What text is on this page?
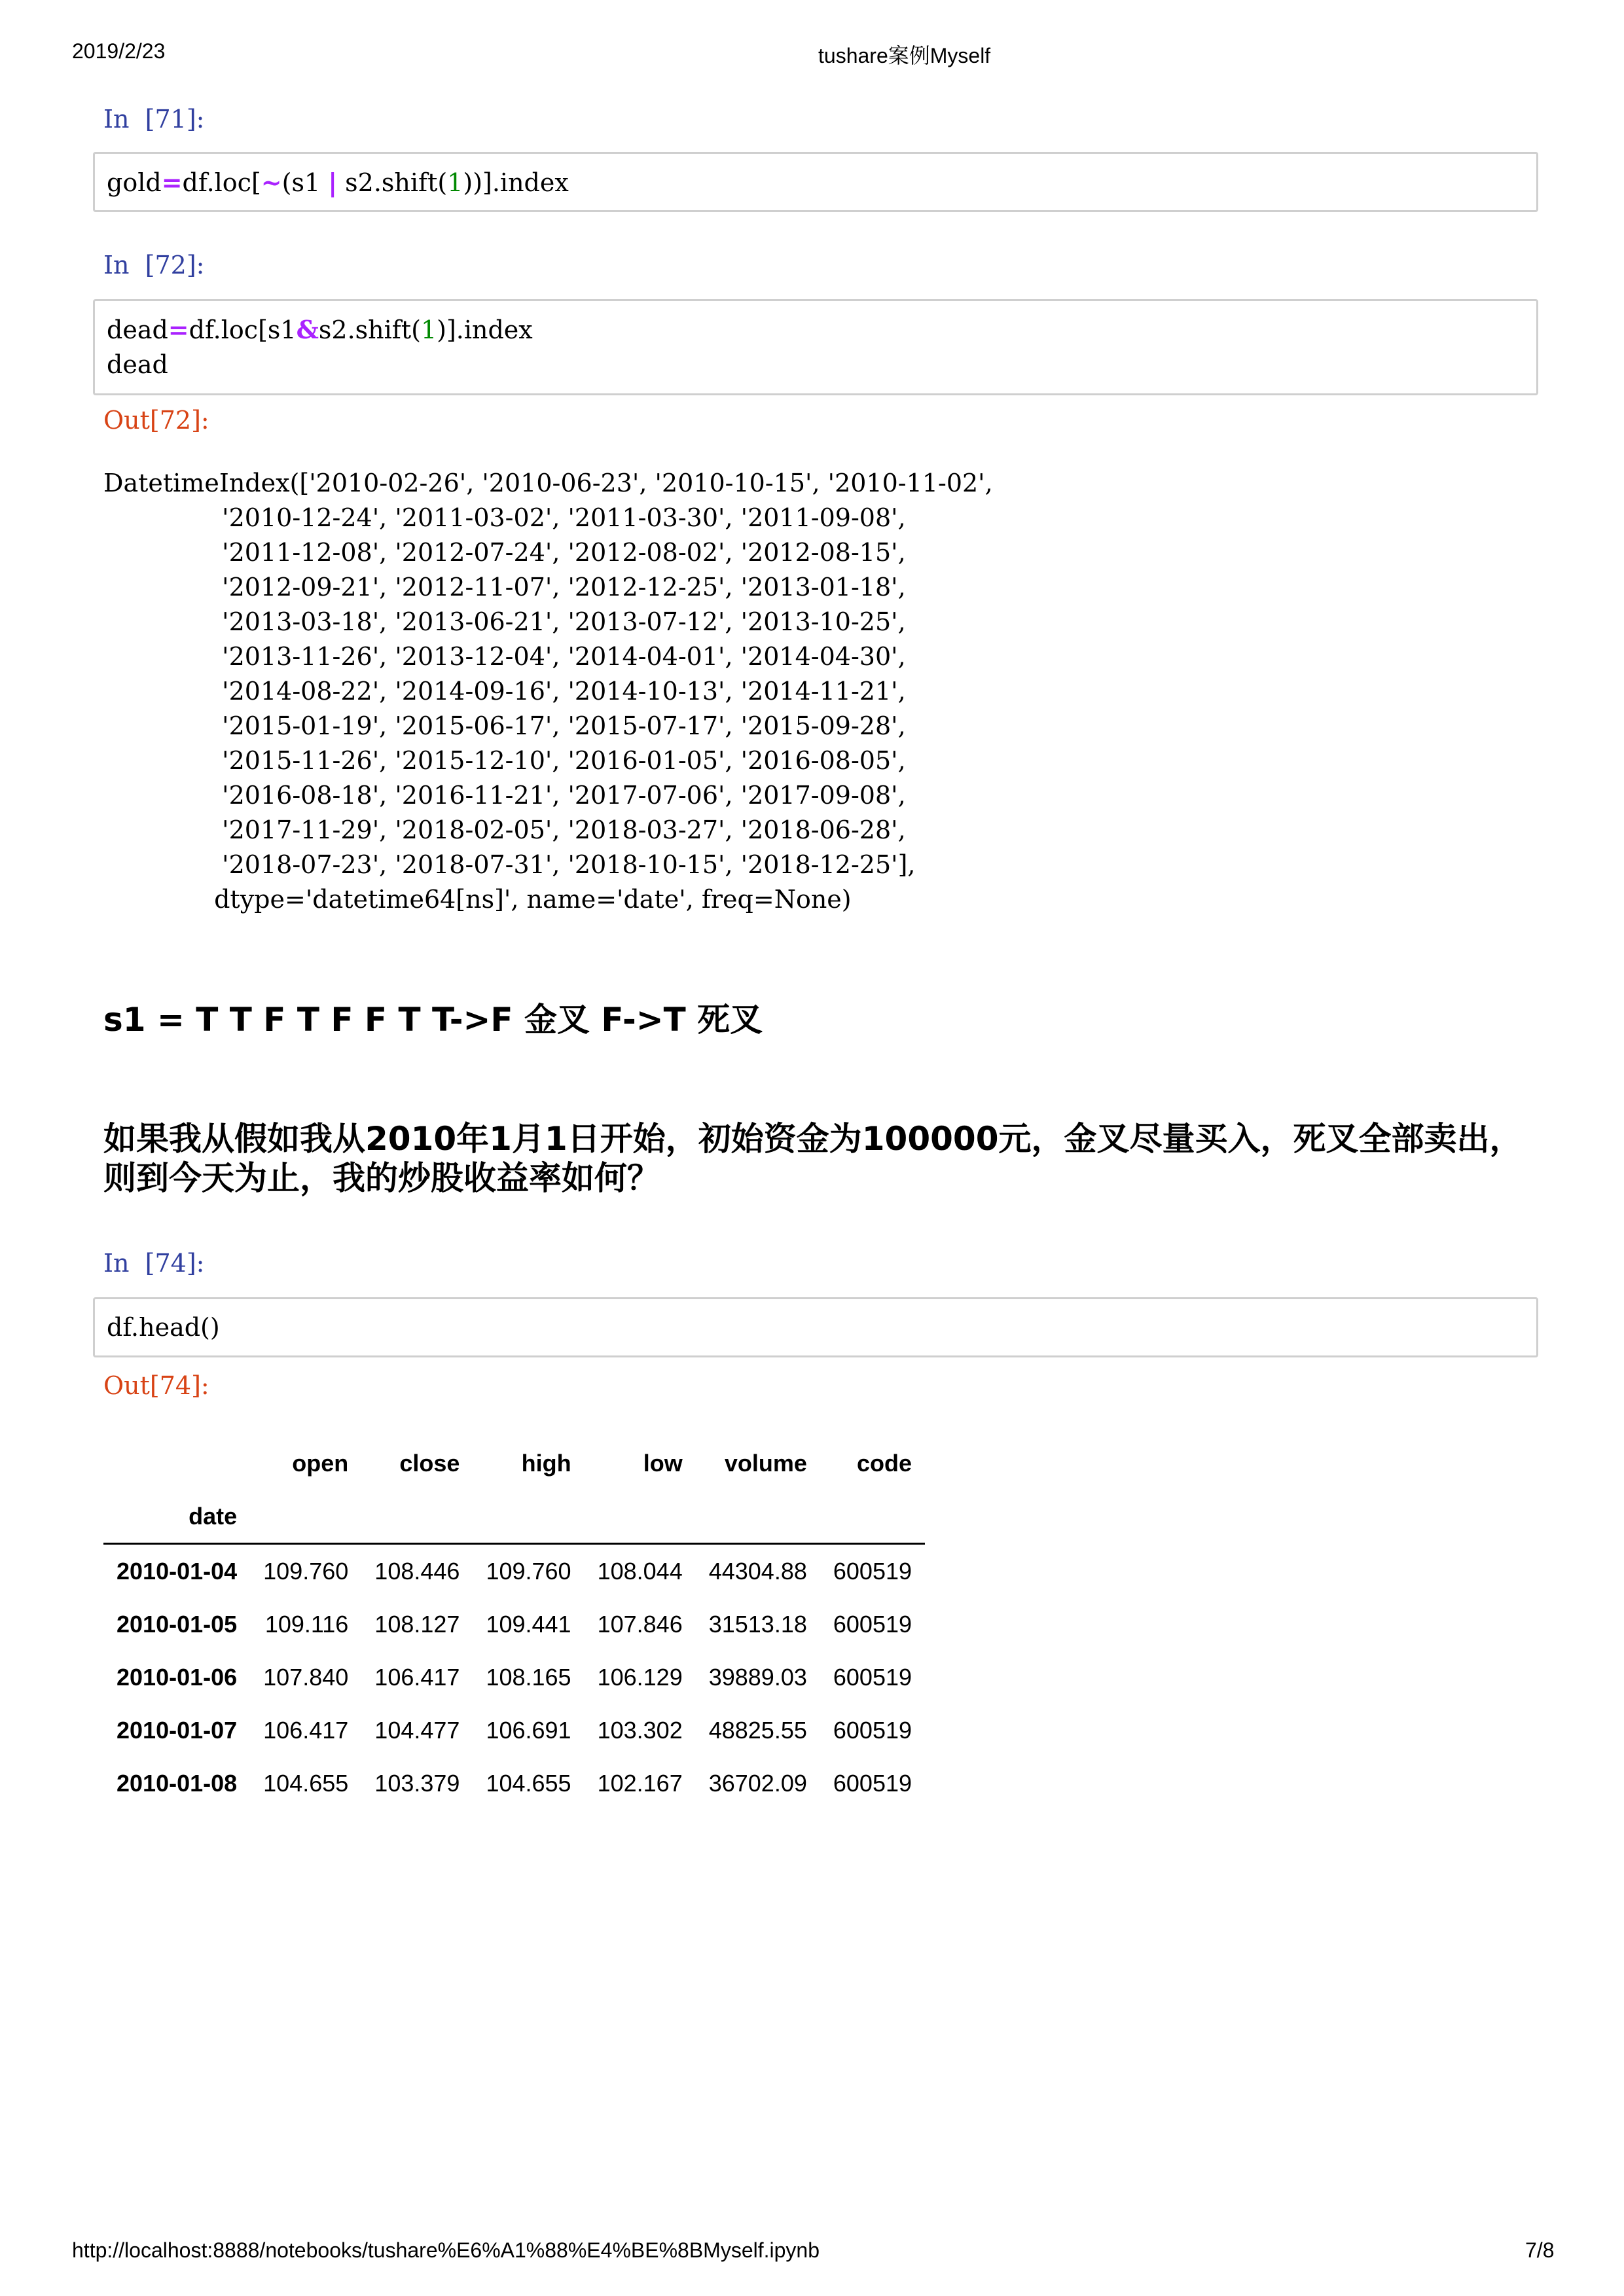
2019/2/23	tushare案例Myself
In  [71]:
gold=df.loc[~(s1 | s2.shift(1))].index
In  [72]:
dead=df.loc[s1&s2.shift(1)].index
dead
Out[72]:
DatetimeIndex(['2010-02-26', '2010-06-23', '2010-10-15', '2010-11-02',
'2010-12-24', '2011-03-02', '2011-03-30', '2011-09-08',
'2011-12-08', '2012-07-24', '2012-08-02', '2012-08-15',
'2012-09-21', '2012-11-07', '2012-12-25', '2013-01-18',
'2013-03-18', '2013-06-21', '2013-07-12', '2013-10-25',
'2013-11-26', '2013-12-04', '2014-04-01', '2014-04-30',
'2014-08-22', '2014-09-16', '2014-10-13', '2014-11-21',
'2015-01-19', '2015-06-17', '2015-07-17', '2015-09-28',
'2015-11-26', '2015-12-10', '2016-01-05', '2016-08-05',
'2016-08-18', '2016-11-21', '2017-07-06', '2017-09-08',
'2017-11-29', '2018-02-05', '2018-03-27', '2018-06-28',
'2018-07-23', '2018-07-31', '2018-10-15', '2018-12-25'],
dtype='datetime64[ns]', name='date', freq=None)
s1 = T T F T F F T T->F 金叉 F->T 死叉
如果我从假如我从2010年1月1日开始，初始资金为100000元，金叉尽量买入，死叉全部卖出，则到今天为止，我的炒股收益率如何？
In  [74]:
df.head()
Out[74]:
	open	close	high	low	volume	code
date						
2010-01-04	109.760	108.446	109.760	108.044	44304.88	600519
2010-01-05	109.116	108.127	109.441	107.846	31513.18	600519
2010-01-06	107.840	106.417	108.165	106.129	39889.03	600519
2010-01-07	106.417	104.477	106.691	103.302	48825.55	600519
2010-01-08	104.655	103.379	104.655	102.167	36702.09	600519
http://localhost:8888/notebooks/tushare%E6%A1%88%E4%BE%8BMyself.ipynb	7/8
